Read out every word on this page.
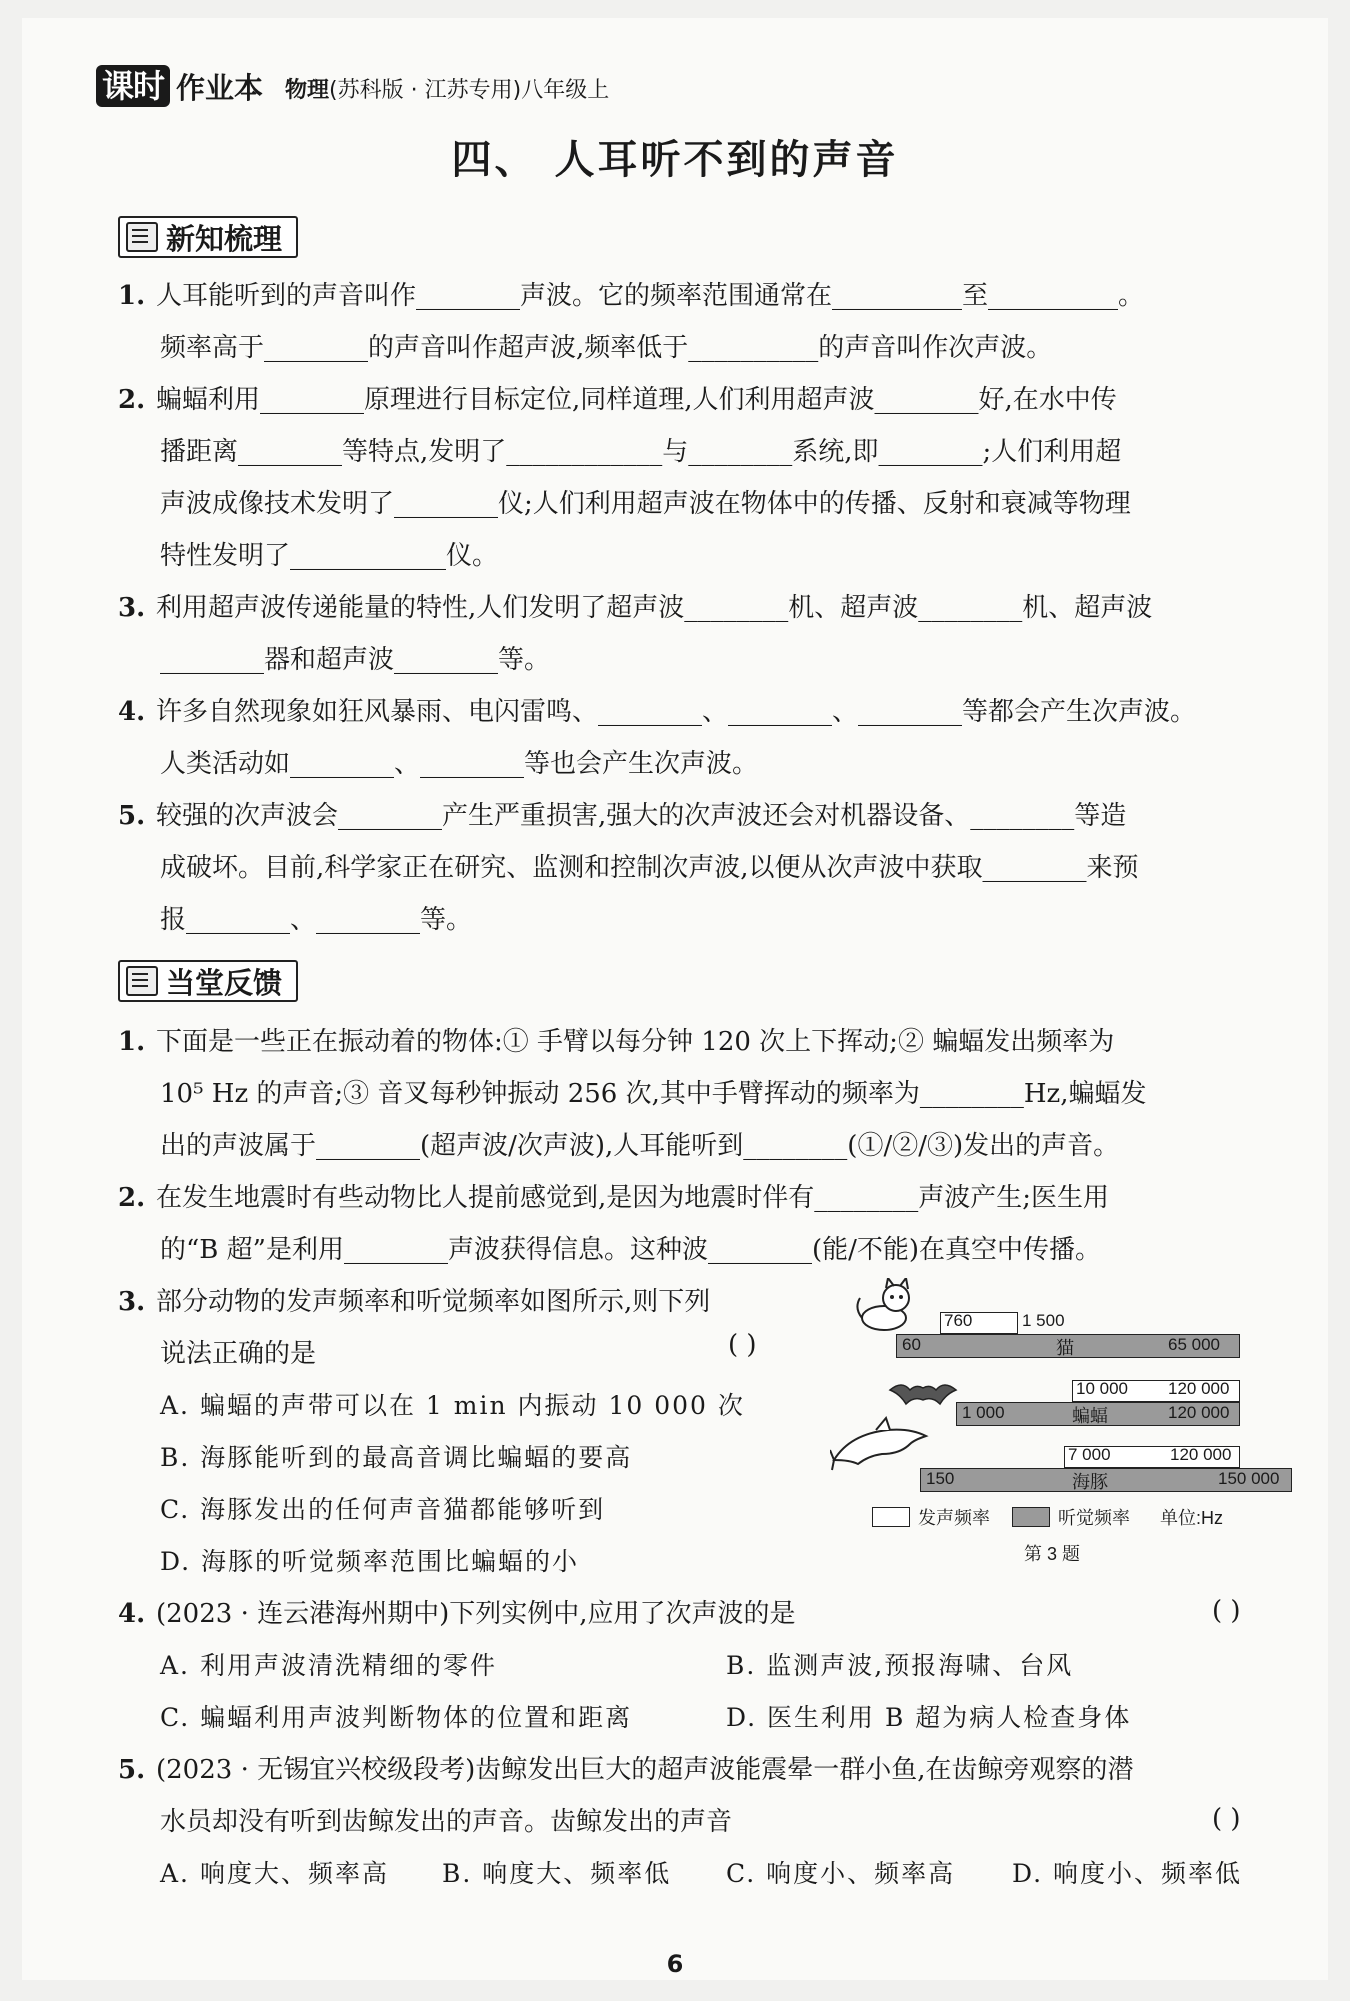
课时 作业本 物理(苏科版 · 江苏专用)八年级上
四、 人耳听不到的声音
新知梳理
1. 人耳能听到的声音叫作________声波。它的频率范围通常在__________至__________。
频率高于________的声音叫作超声波,频率低于__________的声音叫作次声波。
2. 蝙蝠利用________原理进行目标定位,同样道理,人们利用超声波________好,在水中传
播距离________等特点,发明了____________与________系统,即________;人们利用超
声波成像技术发明了________仪;人们利用超声波在物体中的传播、反射和衰减等物理
特性发明了____________仪。
3. 利用超声波传递能量的特性,人们发明了超声波________机、超声波________机、超声波
________器和超声波________等。
4. 许多自然现象如狂风暴雨、电闪雷鸣、________、________、________等都会产生次声波。
人类活动如________、________等也会产生次声波。
5. 较强的次声波会________产生严重损害,强大的次声波还会对机器设备、________等造
成破坏。目前,科学家正在研究、监测和控制次声波,以便从次声波中获取________来预
报________、________等。
当堂反馈
1. 下面是一些正在振动着的物体:① 手臂以每分钟 120 次上下挥动;② 蝙蝠发出频率为
10⁵ Hz 的声音;③ 音叉每秒钟振动 256 次,其中手臂挥动的频率为________Hz,蝙蝠发
出的声波属于________(超声波/次声波),人耳能听到________(①/②/③)发出的声音。
2. 在发生地震时有些动物比人提前感觉到,是因为地震时伴有________声波产生;医生用
的“B 超”是利用________声波获得信息。这种波________(能/不能)在真空中传播。
3. 部分动物的发声频率和听觉频率如图所示,则下列
说法正确的是	( )
A. 蝙蝠的声带可以在 1 min 内振动 10 000 次
B. 海豚能听到的最高音调比蝙蝠的要高
C. 海豚发出的任何声音猫都能够听到
D. 海豚的听觉频率范围比蝙蝠的小
760	1 500
60	猫	65 000
10 000 120 000
1 000	蝙蝠	120 000
7 000	120 000
150	海豚	150 000
发声频率	听觉频率 单位:Hz
第 3 题
4. (2023 · 连云港海州期中)下列实例中,应用了次声波的是	( )
A. 利用声波清洗精细的零件	B. 监测声波,预报海啸、台风
C. 蝙蝠利用声波判断物体的位置和距离	D. 医生利用 B 超为病人检查身体
5. (2023 · 无锡宜兴校级段考)齿鲸发出巨大的超声波能震晕一群小鱼,在齿鲸旁观察的潜
水员却没有听到齿鲸发出的声音。齿鲸发出的声音	( )
A. 响度大、频率高 B. 响度大、频率低 C. 响度小、频率高 D. 响度小、频率低
6
